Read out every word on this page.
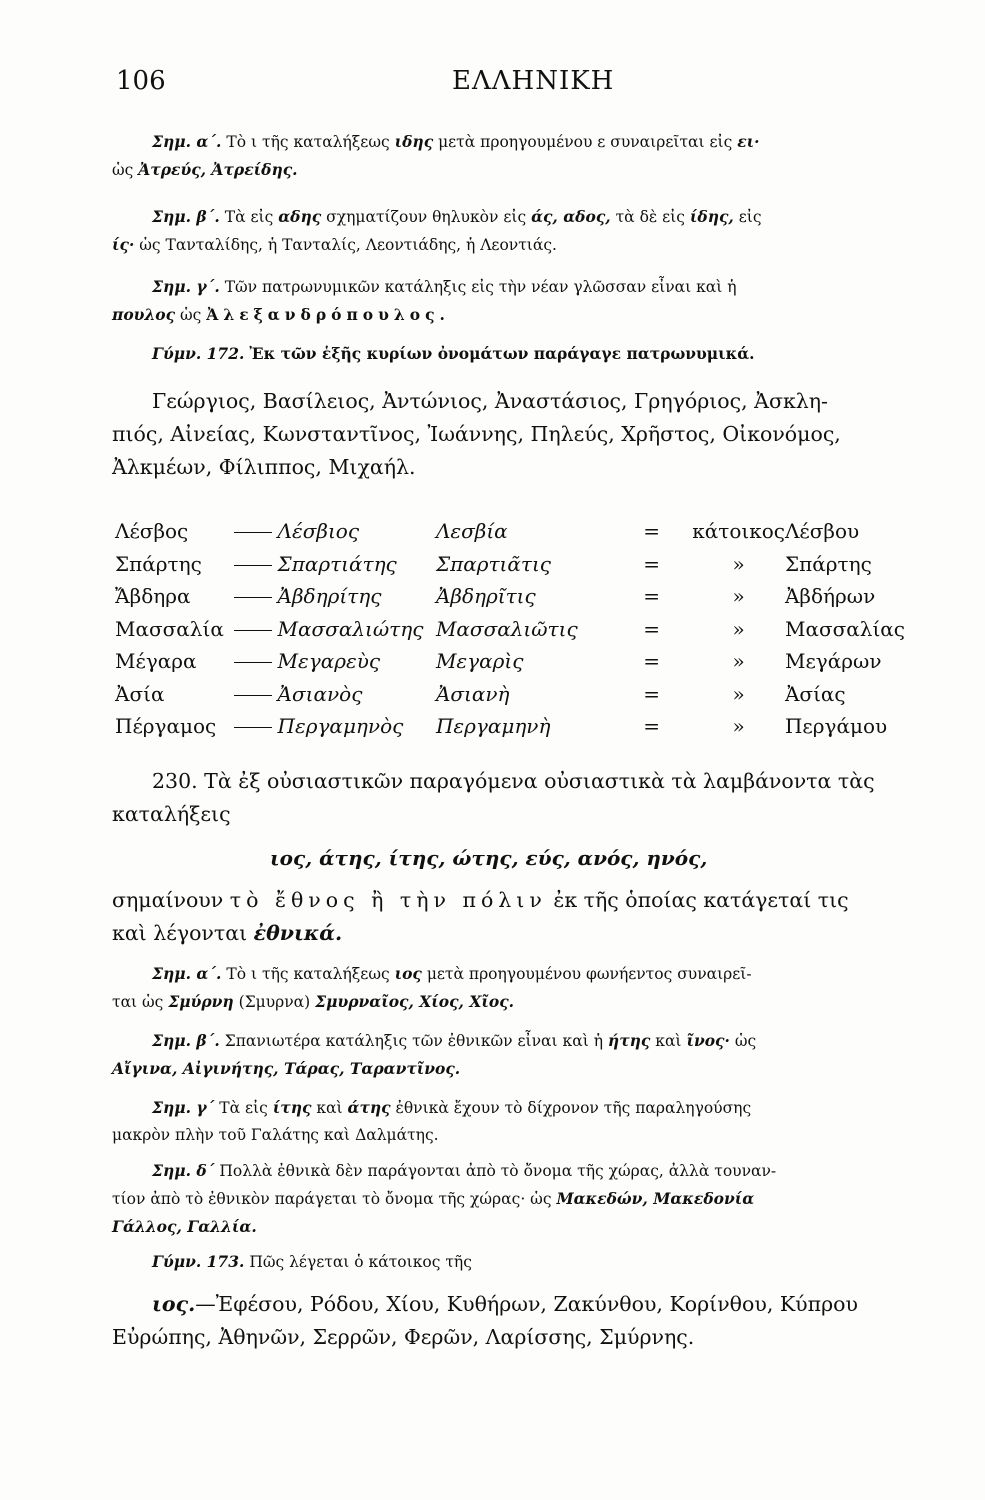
106	ΕΛΛΗΝΙΚΗ
Σημ. α΄. Τὸ ι τῆς καταλήξεως ιδης μετὰ προηγουμένου ε συναιρεῖται εἰς ει·
ὡς Ἀτρεύς, Ἀτρείδης.
Σημ. β΄. Τὰ εἰς αδης σχηματίζουν θηλυκὸν εἰς άς, αδος, τὰ δὲ εἰς ίδης, εἰς
ίς· ὡς Τανταλίδης, ἡ Τανταλίς, Λεοντιάδης, ἡ Λεοντιάς.
Σημ. γ΄. Τῶν πατρωνυμικῶν κατάληξις εἰς τὴν νέαν γλῶσσαν εἶναι καὶ ἡ
πουλος ὡς Ἀλεξανδρόπουλος.
Γύμν. 172. Ἐκ τῶν ἑξῆς κυρίων ὀνομάτων παράγαγε πατρωνυμικά.
Γεώργιος, Βασίλειος, Ἀντώνιος, Ἀναστάσιος, Γρηγόριος, Ἀσκλη-
πιός, Αἰνείας, Κωνσταντῖνος, Ἰωάννης, Πηλεύς, Χρῆστος, Οἰκονόμος,
Ἀλκμέων, Φίλιππος, Μιχαήλ.
Λέσβος	Λέσβιος	Λεσβία	=	κάτοικος	Λέσβου
Σπάρτης	Σπαρτιάτης	Σπαρτιᾶτις	=	»	Σπάρτης
Ἄβδηρα	Ἀβδηρίτης	Ἀβδηρῖτις	=	»	Ἀβδήρων
Μασσαλία	Μασσαλιώτης	Μασσαλιῶτις	=	»	Μασσαλίας
Μέγαρα	Μεγαρεὺς	Μεγαρὶς	=	»	Μεγάρων
Ἀσία	Ἀσιανὸς	Ἀσιανὴ	=	»	Ἀσίας
Πέργαμος	Περγαμηνὸς	Περγαμηνὴ	=	»	Περγάμου
230. Τὰ ἐξ οὐσιαστικῶν παραγόμενα οὐσιαστικὰ τὰ λαμβάνοντα τὰς
καταλήξεις
ιος, άτης, ίτης, ώτης, εύς, ανός, ηνός,
σημαίνουν τὸ ἔθνος ἢ τὴν πόλιν ἐκ τῆς ὁποίας κατάγεταί τις
καὶ λέγονται ἐθνικά.
Σημ. α΄. Τὸ ι τῆς καταλήξεως ιος μετὰ προηγουμένου φωνήεντος συναιρεῖ-
ται ὡς Σμύρνη (Σμυρνα) Σμυρναῖος, Χίος, Χῖος.
Σημ. β΄. Σπανιωτέρα κατάληξις τῶν ἐθνικῶν εἶναι καὶ ἡ ήτης καὶ ῖνος· ὡς
Αἴγινα, Αἰγινήτης, Τάρας, Ταραντῖνος.
Σημ. γ΄ Τὰ εἰς ίτης καὶ άτης ἐθνικὰ ἔχουν τὸ δίχρονον τῆς παραληγούσης
μακρὸν πλὴν τοῦ Γαλάτης καὶ Δαλμάτης.
Σημ. δ΄ Πολλὰ ἐθνικὰ δὲν παράγονται ἀπὸ τὸ ὄνομα τῆς χώρας, ἀλλὰ τουναν-
τίον ἀπὸ τὸ ἐθνικὸν παράγεται τὸ ὄνομα τῆς χώρας· ὡς Μακεδών, Μακεδονία
Γάλλος, Γαλλία.
Γύμν. 173. Πῶς λέγεται ὁ κάτοικος τῆς
ιος.—Ἐφέσου, Ρόδου, Χίου, Κυθήρων, Ζακύνθου, Κορίνθου, Κύπρου
Εὐρώπης, Ἀθηνῶν, Σερρῶν, Φερῶν, Λαρίσσης, Σμύρνης.
